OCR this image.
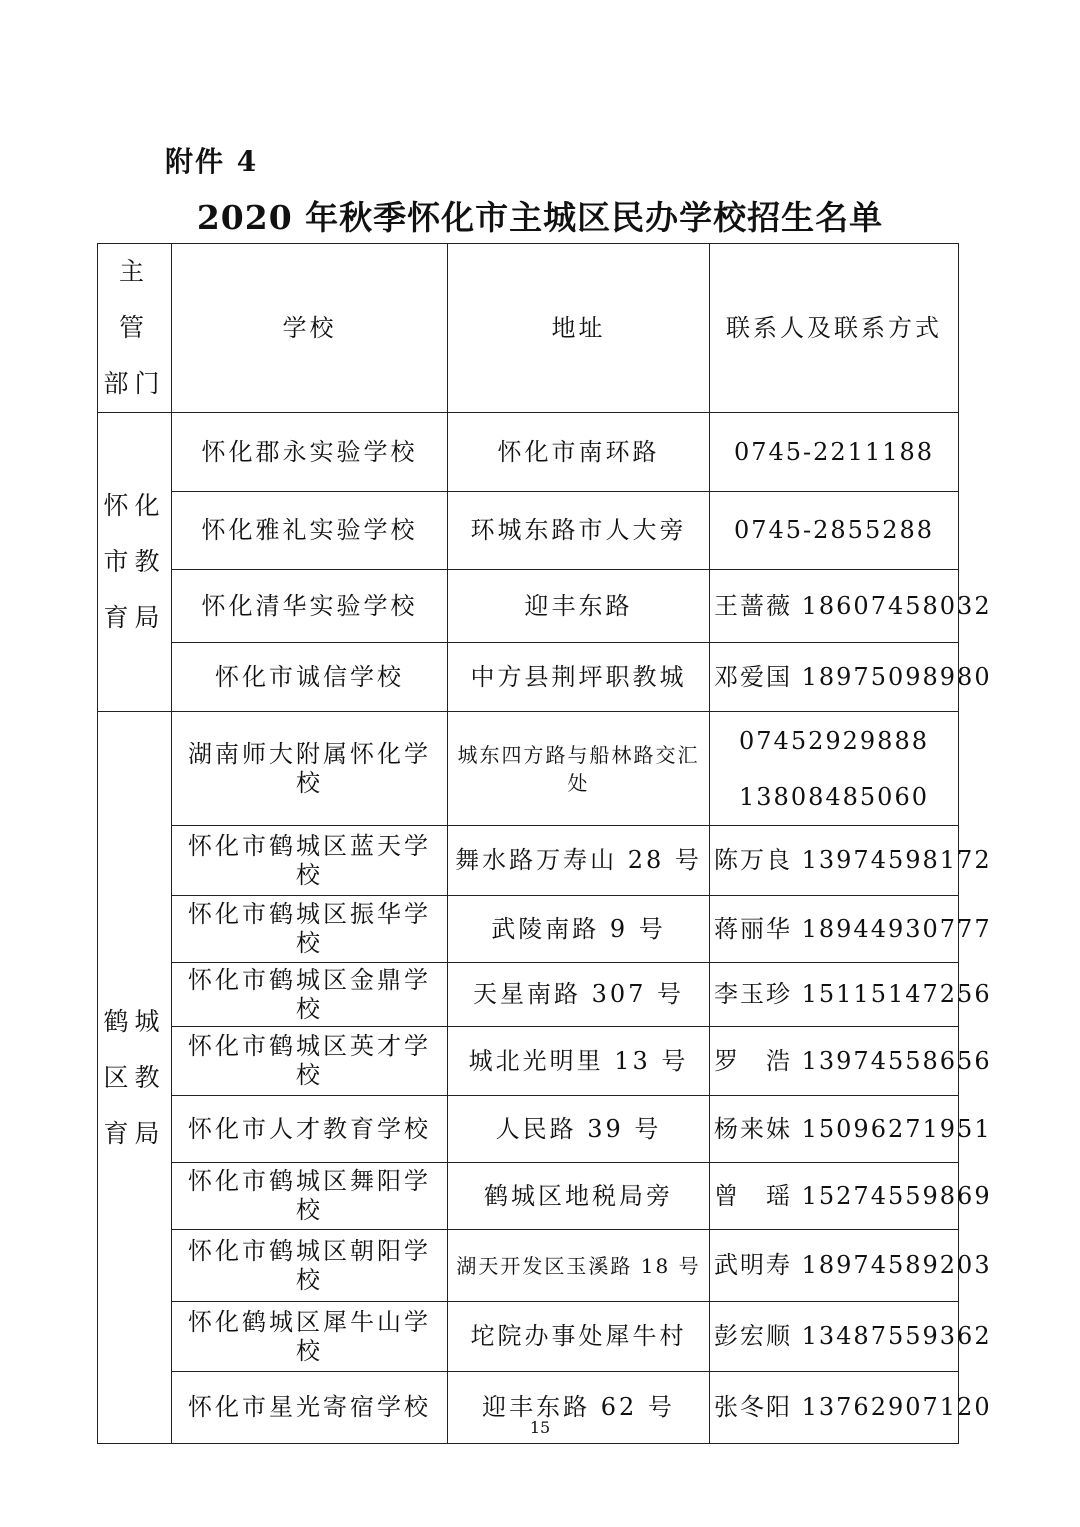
附件 4
2020 年秋季怀化市主城区民办学校招生名单
主 管
部门	学校	地址	联系人及联系方式
怀化
市教
育局	怀化郡永实验学校	怀化市南环路	0745-2211188
	怀化雅礼实验学校	环城东路市人大旁	0745-2855288
	怀化清华实验学校	迎丰东路	王蔷薇 18607458032
	怀化市诚信学校	中方县荆坪职教城	邓爱国 18975098980
鹤城
区教
育局	湖南师大附属怀化学校	城东四方路与船林路交汇处	07452929888
13808485060
	怀化市鹤城区蓝天学校	舞水路万寿山 28 号	陈万良 13974598172
	怀化市鹤城区振华学校	武陵南路 9 号	蒋丽华 18944930777
	怀化市鹤城区金鼎学校	天星南路 307 号	李玉珍 15115147256
	怀化市鹤城区英才学校	城北光明里 13 号	罗　浩 13974558656
	怀化市人才教育学校	人民路 39 号	杨来妹 15096271951
	怀化市鹤城区舞阳学校	鹤城区地税局旁	曾　瑶 15274559869
	怀化市鹤城区朝阳学校	湖天开发区玉溪路 18 号	武明寿 18974589203
	怀化鹤城区犀牛山学校	坨院办事处犀牛村	彭宏顺 13487559362
	怀化市星光寄宿学校	迎丰东路 62 号	张冬阳 13762907120
15
